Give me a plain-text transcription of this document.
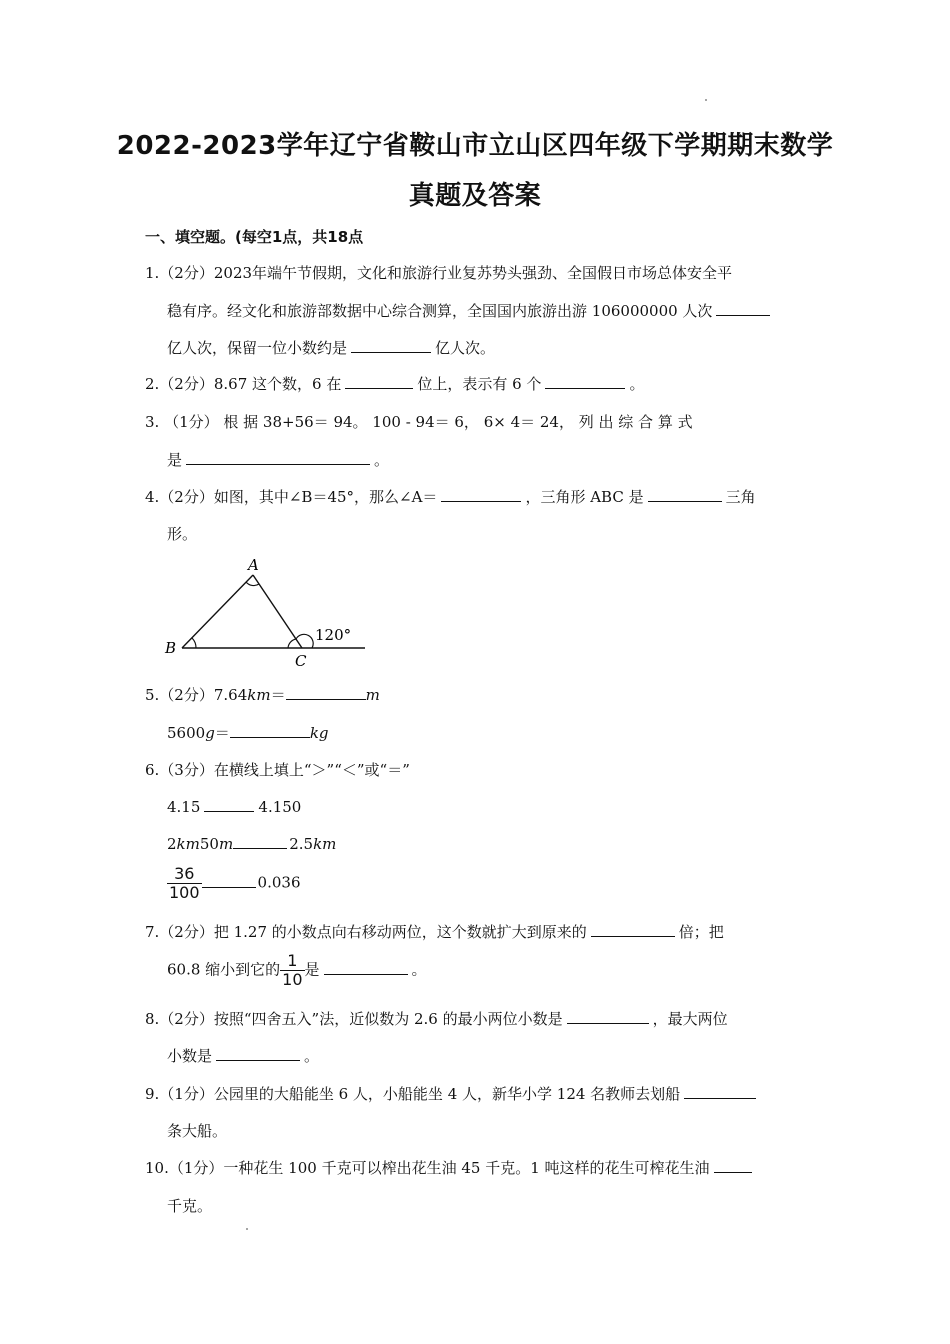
2022-2023学年辽宁省鞍山市立山区四年级下学期期末数学
真题及答案
一、填空题。(每空1点，共18点
1.（2分）2023年端午节假期，文化和旅游行业复苏势头强劲、全国假日市场总体安全平
稳有序。经文化和旅游部数据中心综合测算，全国国内旅游出游 106000000 人次
亿人次，保留一位小数约是	亿人次。
2.（2分）8.67 这个数，6 在	位上，表示有 6 个	。
3. （1分） 根 据 38+56＝ 94。 100 - 94＝ 6， 6× 4＝ 24， 列 出 综 合 算 式
是	。
4.（2分）如图，其中∠B＝45°，那么∠A＝	，三角形 ABC 是	三角
形。
A
B
C
120°
5.（2分）7.64km＝	m
5600g＝	kg
6.（3分）在横线上填上“＞”“＜”或“＝”
4.15	4.150
2km50m	2.5km
$\frac{36}{100}$	0.036
7.（2分）把 1.27 的小数点向右移动两位，这个数就扩大到原来的	倍；把
60.8 缩小到它的 $\frac{1}{10}$ 是	。
8.（2分）按照“四舍五入”法，近似数为 2.6 的最小两位小数是	，最大两位
小数是	。
9.（1分）公园里的大船能坐 6 人，小船能坐 4 人，新华小学 124 名教师去划船
条大船。
10.（1分）一种花生 100 千克可以榨出花生油 45 千克。1 吨这样的花生可榨花生油
千克。
